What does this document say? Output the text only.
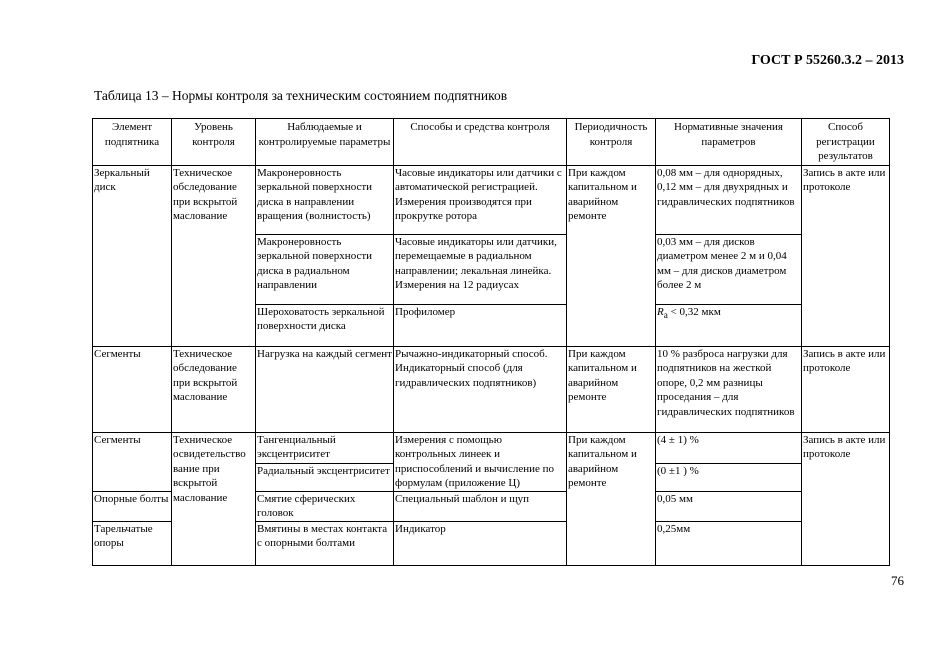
ГОСТ Р 55260.3.2 – 2013
Таблица 13 – Нормы контроля за техническим состоянием подпятников
Элемент подпятника	Уровень контроля	Наблюдаемые и контролируемые параметры	Способы и средства контроля	Периодичность контроля	Нормативные значения параметров	Способ регистрации результатов
Зеркальный диск	Техническое обследование при вскрытой маслование	Макронеровность зеркальной поверхности диска в направлении вращения (волнистость)	Часовые индикаторы или датчики с автоматической регистрацией. Измерения производятся при прокрутке ротора	При каждом капитальном и аварийном ремонте	0,08 мм – для однорядных, 0,12 мм – для двухрядных и гидравлических подпятников	Запись в акте или протоколе
		Макронеровность зеркальной поверхности диска в радиальном направлении	Часовые индикаторы или датчики, перемещаемые в радиальном направлении; лекальная линейка. Измерения на 12 радиусах		0,03 мм – для дисков диаметром менее 2 м и 0,04 мм – для дисков диаметром более 2 м	
		Шероховатость зеркальной поверхности диска	Профиломер		$R_a < 0,32$ мкм	
Сегменты	Техническое обследование при вскрытой маслование	Нагрузка на каждый сегмент	Рычажно-индикаторный способ. Индикаторный способ (для гидравлических подпятников)	При каждом капитальном и аварийном ремонте	10 % разброса нагрузки для подпятников на жесткой опоре, 0,2 мм разницы проседания – для гидравлических подпятников	Запись в акте или протоколе
Сегменты	Техническое освидетельство вание при вскрытой маслование	Тангенциальный эксцентриситет	Измерения с помощью контрольных линеек и приспособлений и вычисление по формулам (приложение Ц)	При каждом капитальном и аварийном ремонте	(4 ± 1) %	Запись в акте или протоколе
		Радиальный эксцентриситет			(0 ±1 ) %	
Опорные болты		Смятие сферических головок	Специальный шаблон и щуп		0,05 мм	
Тарельчатые опоры		Вмятины в местах контакта с опорными болтами	Индикатор		0,25мм	
76
